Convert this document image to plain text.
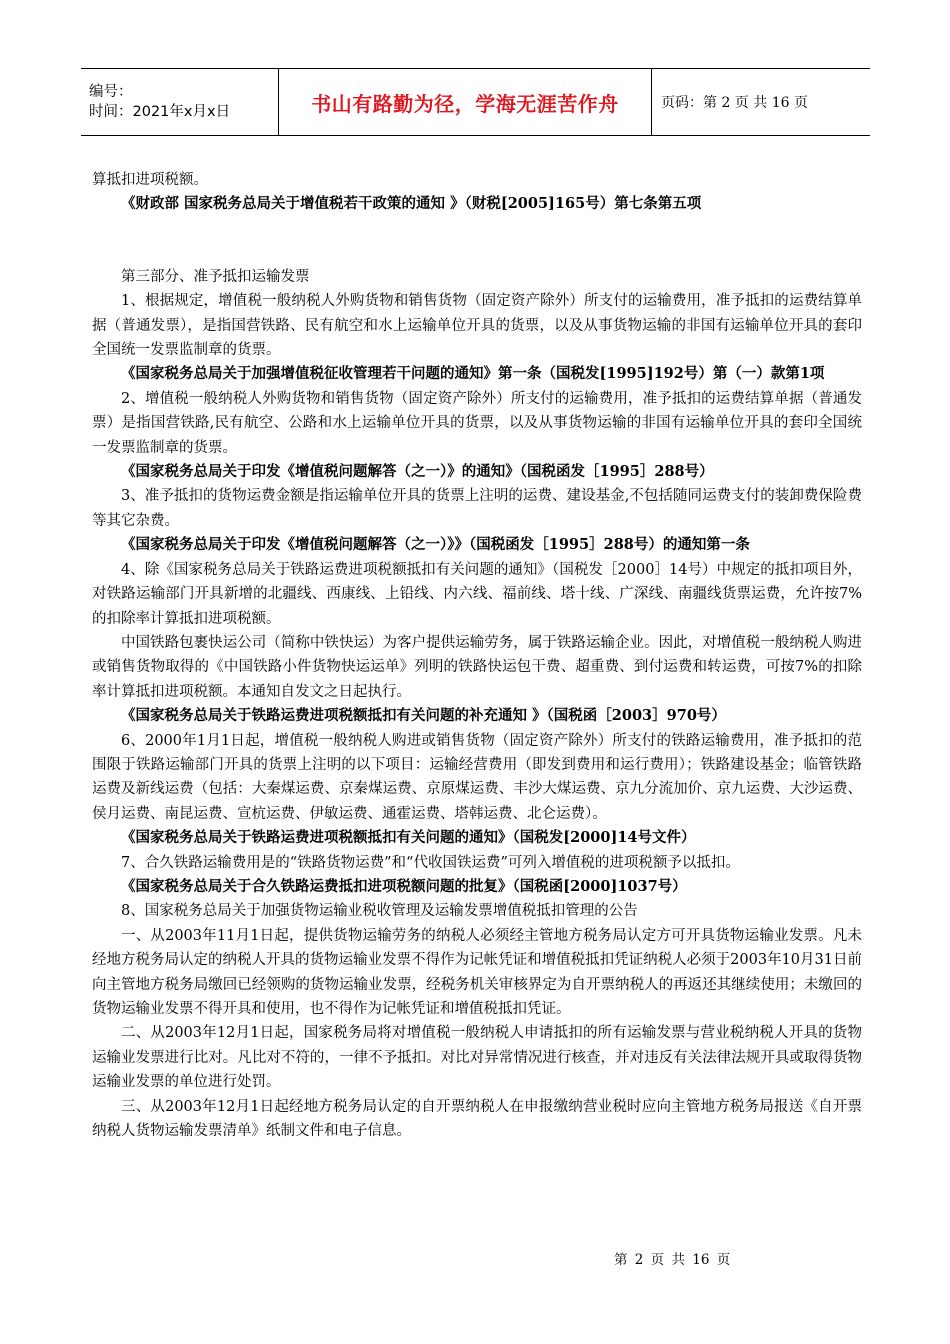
编号：
时间：2021年x月x日	书山有路勤为径，学海无涯苦作舟	页码：第 2 页 共 16 页

算抵扣进项税额。

《财政部 国家税务总局关于增值税若干政策的通知 》（财税[2005]165号）第七条第五项

第三部分、准予抵扣运输发票

1、根据规定，增值税一般纳税人外购货物和销售货物（固定资产除外）所支付的运输费用，准予抵扣的运费结算单据（普通发票），是指国营铁路、民有航空和水上运输单位开具的货票，以及从事货物运输的非国有运输单位开具的套印全国统一发票监制章的货票。

《国家税务总局关于加强增值税征收管理若干问题的通知》第一条（国税发[1995]192号）第（一）款第1项

2、增值税一般纳税人外购货物和销售货物（固定资产除外）所支付的运输费用，准予抵扣的运费结算单据（普通发票）是指国营铁路,民有航空、公路和水上运输单位开具的货票，以及从事货物运输的非国有运输单位开具的套印全国统一发票监制章的货票。

《国家税务总局关于印发《增值税问题解答（之一）》的通知》（国税函发［1995］288号）

3、准予抵扣的货物运费金额是指运输单位开具的货票上注明的运费、建设基金,不包括随同运费支付的装卸费保险费等其它杂费。

《国家税务总局关于印发《增值税问题解答（之一）》》（国税函发［1995］288号）的通知第一条

4、除《国家税务总局关于铁路运费进项税额抵扣有关问题的通知》（国税发［2000］14号）中规定的抵扣项目外，对铁路运输部门开具新增的北疆线、西康线、上铅线、内六线、福前线、塔十线、广深线、南疆线货票运费，允许按7%的扣除率计算抵扣进项税额。

中国铁路包裹快运公司（简称中铁快运）为客户提供运输劳务，属于铁路运输企业。因此，对增值税一般纳税人购进或销售货物取得的《中国铁路小件货物快运运单》列明的铁路快运包干费、超重费、到付运费和转运费，可按7%的扣除率计算抵扣进项税额。本通知自发文之日起执行。

《国家税务总局关于铁路运费进项税额抵扣有关问题的补充通知 》（国税函［2003］970号）

6、2000年1月1日起，增值税一般纳税人购进或销售货物（固定资产除外）所支付的铁路运输费用，准予抵扣的范围限于铁路运输部门开具的货票上注明的以下项目：运输经营费用（即发到费用和运行费用）；铁路建设基金；临管铁路运费及新线运费（包括：大秦煤运费、京秦煤运费、京原煤运费、丰沙大煤运费、京九分流加价、京九运费、大沙运费、侯月运费、南昆运费、宣杭运费、伊敏运费、通霍运费、塔韩运费、北仑运费）。

《国家税务总局关于铁路运费进项税额抵扣有关问题的通知》（国税发[2000]14号文件）

7、合久铁路运输费用是的“铁路货物运费”和“代收国铁运费”可列入增值税的进项税额予以抵扣。

《国家税务总局关于合久铁路运费抵扣进项税额问题的批复》（国税函[2000]1037号）

8、国家税务总局关于加强货物运输业税收管理及运输发票增值税抵扣管理的公告

一、从2003年11月1日起，提供货物运输劳务的纳税人必须经主管地方税务局认定方可开具货物运输业发票。凡未经地方税务局认定的纳税人开具的货物运输业发票不得作为记帐凭证和增值税抵扣凭证纳税人必须于2003年10月31日前向主管地方税务局缴回已经领购的货物运输业发票，经税务机关审核界定为自开票纳税人的再返还其继续使用；未缴回的货物运输业发票不得开具和使用，也不得作为记帐凭证和增值税抵扣凭证。

二、从2003年12月1日起，国家税务局将对增值税一般纳税人申请抵扣的所有运输发票与营业税纳税人开具的货物运输业发票进行比对。凡比对不符的，一律不予抵扣。对比对异常情况进行核查，并对违反有关法律法规开具或取得货物运输业发票的单位进行处罚。

三、从2003年12月1日起经地方税务局认定的自开票纳税人在申报缴纳营业税时应向主管地方税务局报送《自开票纳税人货物运输发票清单》纸制文件和电子信息。

第 2 页 共 16 页
